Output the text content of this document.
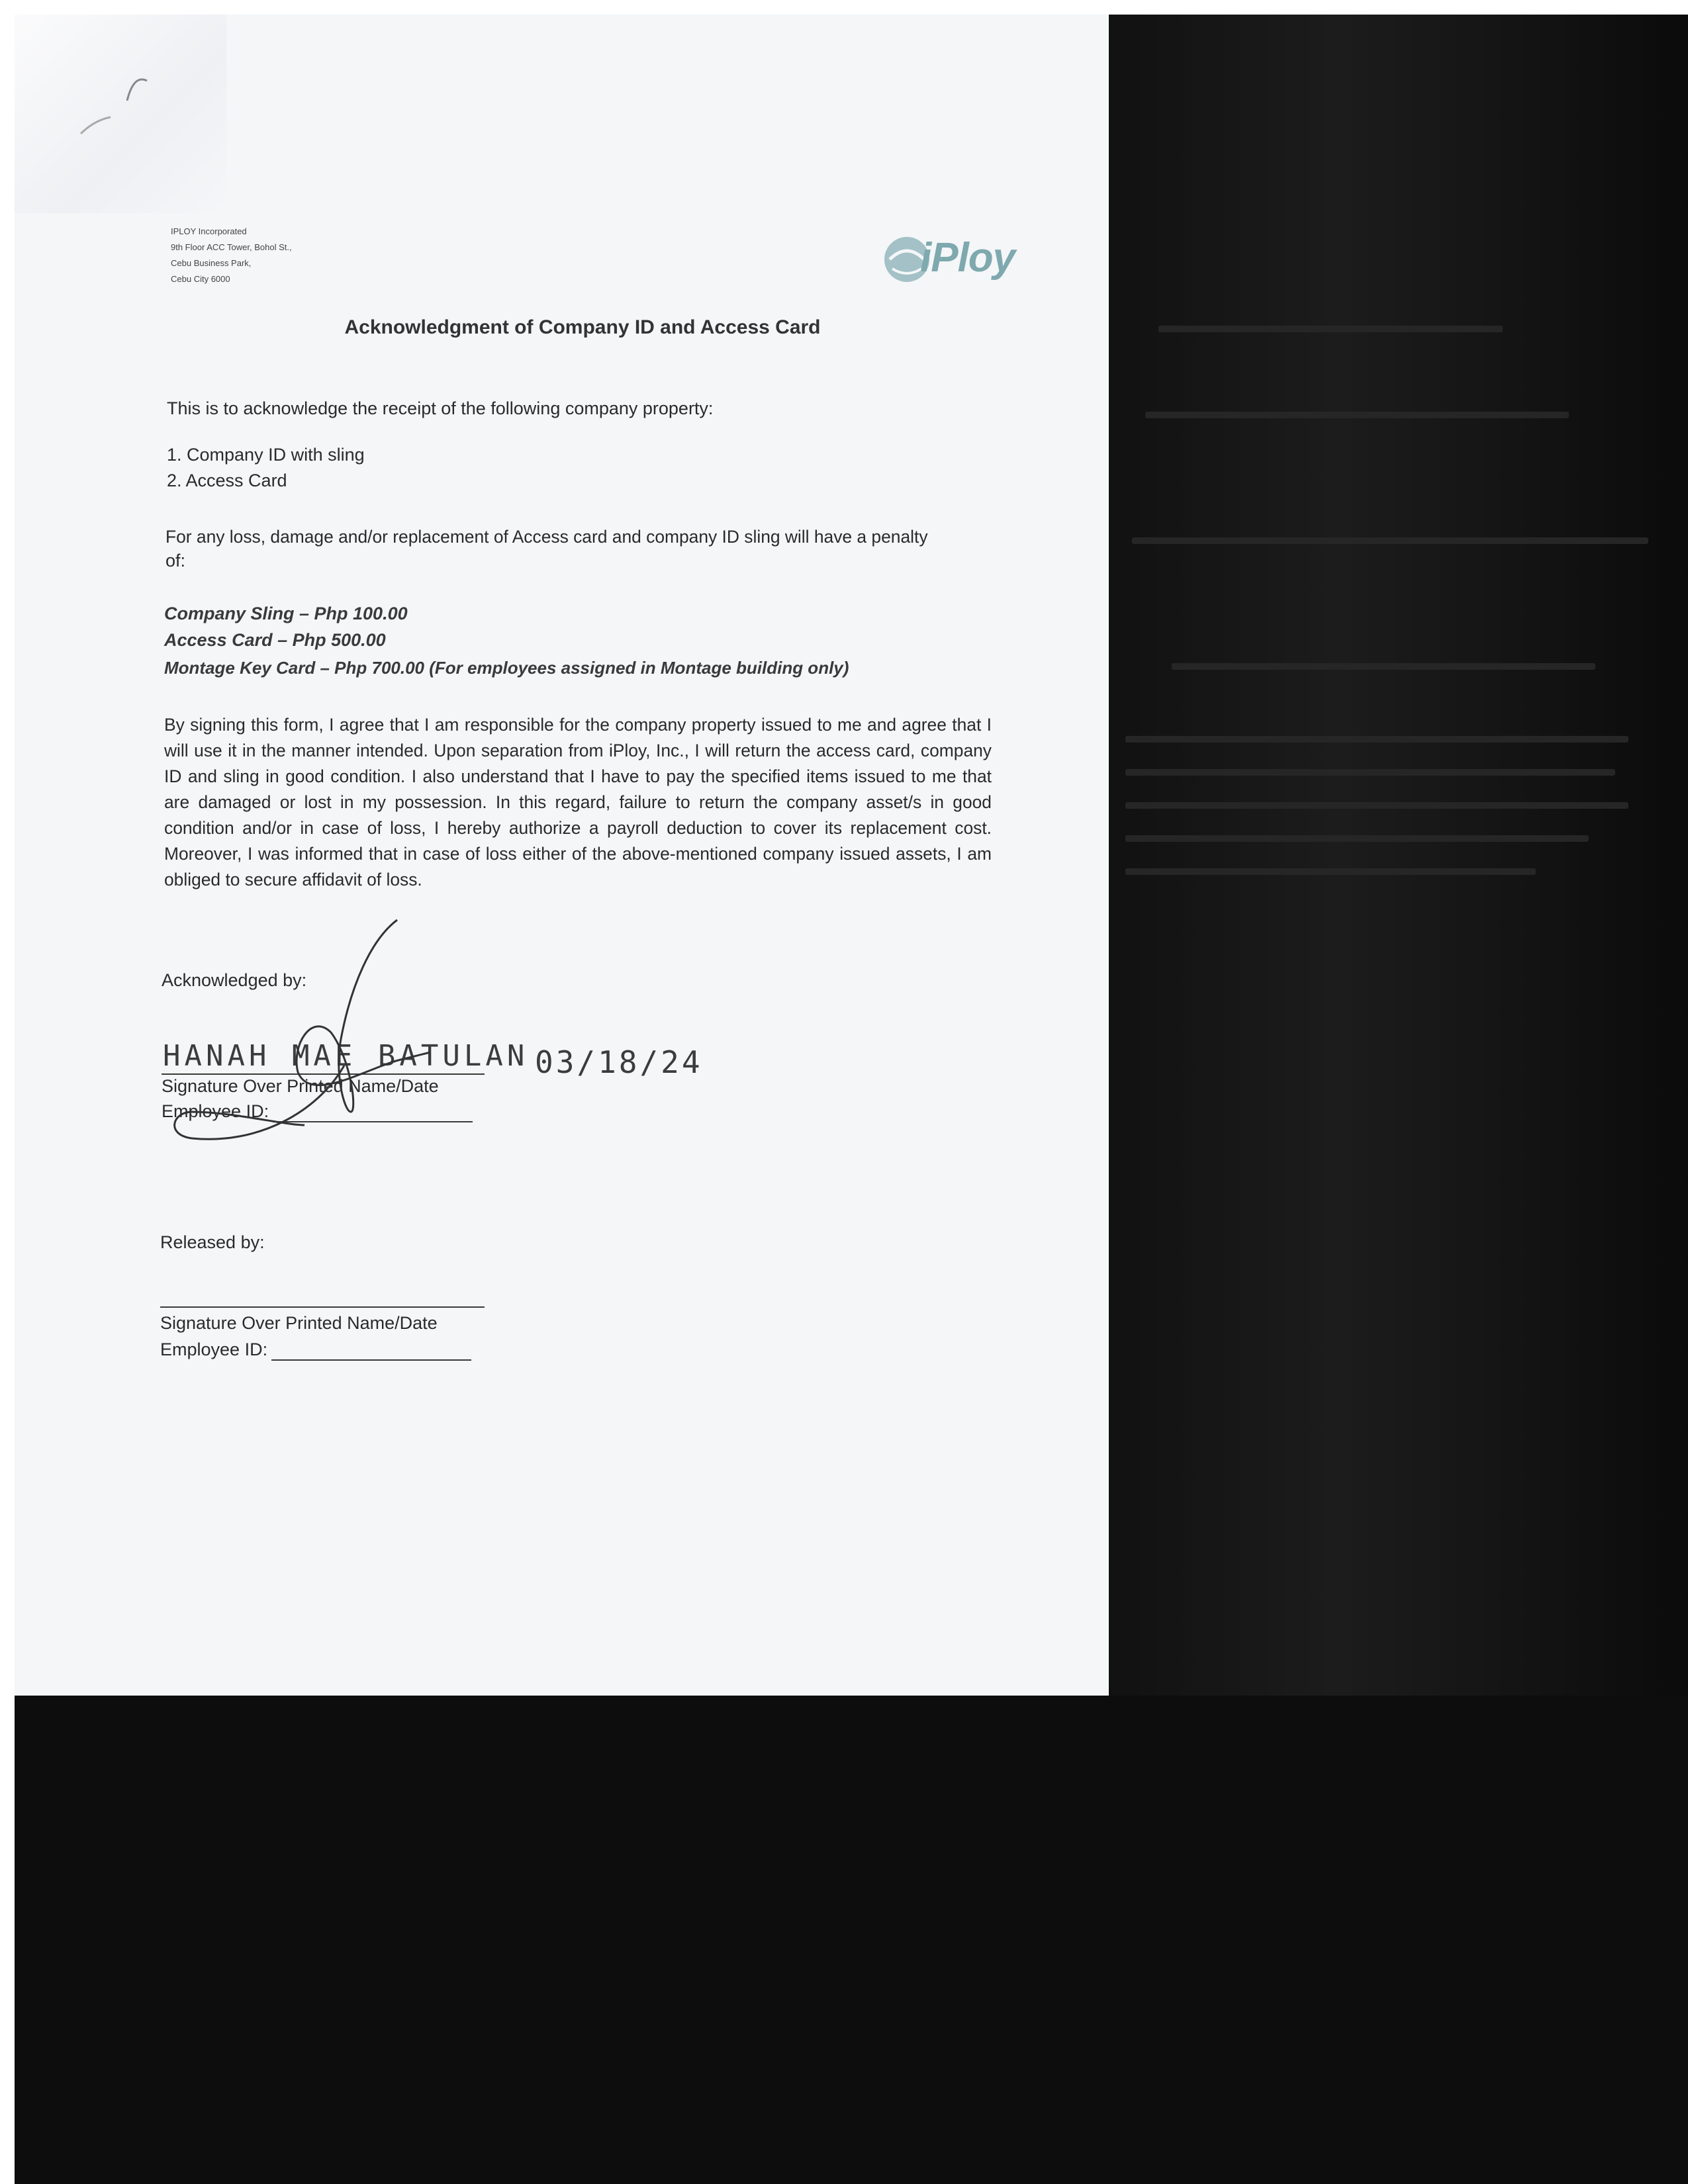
IPLOY Incorporated
9th Floor ACC Tower, Bohol St.,
Cebu Business Park,
Cebu City 6000	iPloy
Acknowledgment of Company ID and Access Card
This is to acknowledge the receipt of the following company property:
1. Company ID with sling
2. Access Card
For any loss, damage and/or replacement of Access card and company ID sling will have a penalty
of:
Company Sling – Php 100.00
Access Card – Php 500.00
Montage Key Card – Php 700.00 (For employees assigned in Montage building only)
By signing this form, I agree that I am responsible for the company property issued to me and agree that I will use it in the manner intended. Upon separation from iPloy, Inc., I will return the access card, company ID and sling in good condition. I also understand that I have to pay the specified items issued to me that are damaged or lost in my possession. In this regard, failure to return the company asset/s in good condition and/or in case of loss, I hereby authorize a payroll deduction to cover its replacement cost. Moreover, I was informed that in case of loss either of the above-mentioned company issued assets, I am obliged to secure affidavit of loss.
Acknowledged by:
HANAH MAE BATULAN 03/18/24
Signature Over Printed Name/Date
Employee ID:
Released by:
Signature Over Printed Name/Date
Employee ID:
